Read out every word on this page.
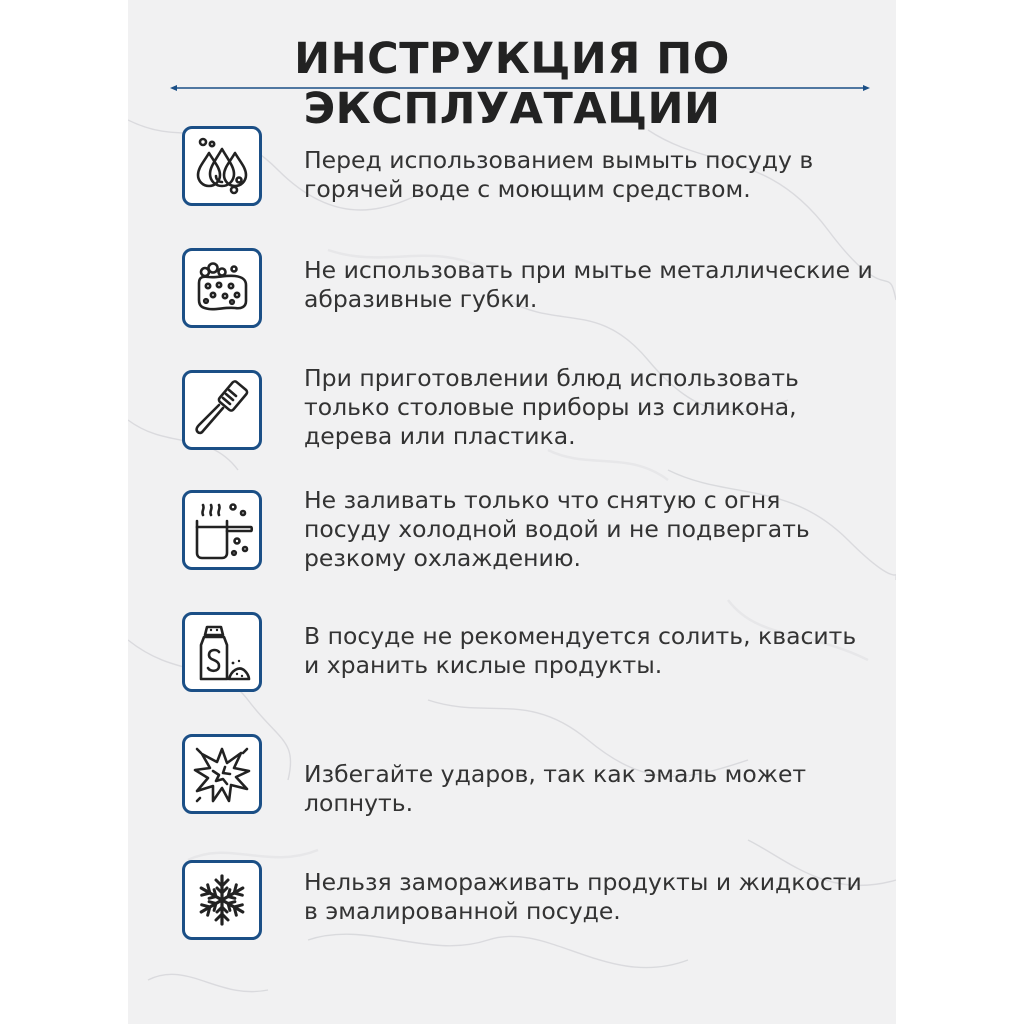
ИНСТРУКЦИЯ ПО ЭКСПЛУАТАЦИИ
Перед использованием вымыть посуду в горячей воде с моющим средством.
Не использовать при мытье металлические и абразивные губки.
При приготовлении блюд использовать только столовые приборы из силикона, дерева или пластика.
Не заливать только что снятую с огня посуду холодной водой и не подвергать резкому охлаждению.
В посуде не рекомендуется солить, квасить и хранить кислые продукты.
Избегайте ударов, так как эмаль может лопнуть.
Нельзя замораживать продукты и жидкости в эмалированной посуде.
